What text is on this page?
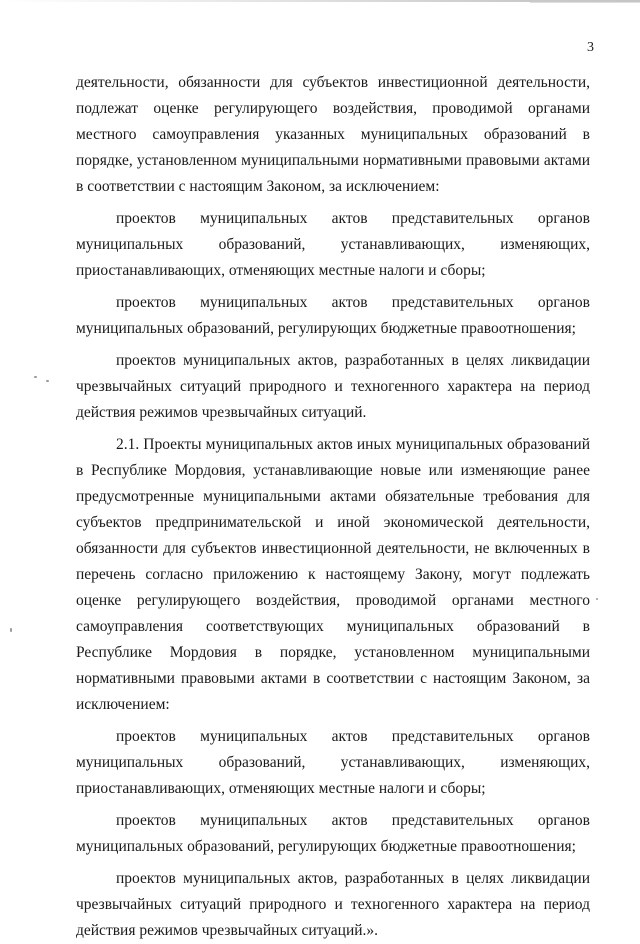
3

деятельности, обязанности для субъектов инвестиционной деятельности, подлежат оценке регулирующего воздействия, проводимой органами местного самоуправления указанных муниципальных образований в порядке, установленном муниципальными нормативными правовыми актами в соответствии с настоящим Законом, за исключением:

проектов муниципальных актов представительных органов муниципальных образований, устанавливающих, изменяющих, приостанавливающих, отменяющих местные налоги и сборы;

проектов муниципальных актов представительных органов муниципальных образований, регулирующих бюджетные правоотношения;

проектов муниципальных актов, разработанных в целях ликвидации чрезвычайных ситуаций природного и техногенного характера на период действия режимов чрезвычайных ситуаций.

2.1. Проекты муниципальных актов иных муниципальных образований в Республике Мордовия, устанавливающие новые или изменяющие ранее предусмотренные муниципальными актами обязательные требования для субъектов предпринимательской и иной экономической деятельности, обязанности для субъектов инвестиционной деятельности, не включенных в перечень согласно приложению к настоящему Закону, могут подлежать оценке регулирующего воздействия, проводимой органами местного самоуправления соответствующих муниципальных образований в Республике Мордовия в порядке, установленном муниципальными нормативными правовыми актами в соответствии с настоящим Законом, за исключением:

проектов муниципальных актов представительных органов муниципальных образований, устанавливающих, изменяющих, приостанавливающих, отменяющих местные налоги и сборы;

проектов муниципальных актов представительных органов муниципальных образований, регулирующих бюджетные правоотношения;

проектов муниципальных актов, разработанных в целях ликвидации чрезвычайных ситуаций природного и техногенного характера на период действия режимов чрезвычайных ситуаций.».
